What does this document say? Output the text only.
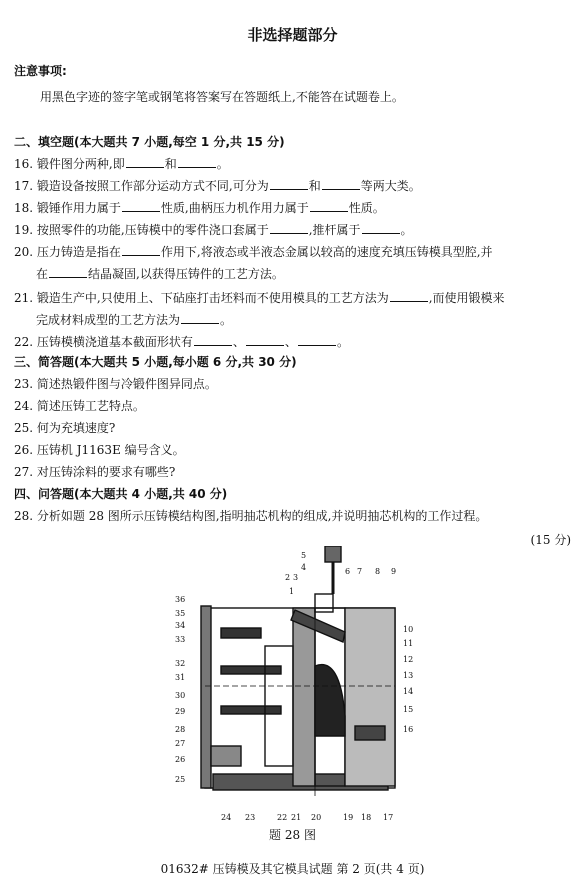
非选择题部分
注意事项:
用黑色字迹的签字笔或钢笔将答案写在答题纸上,不能答在试题卷上。
二、填空题(本大题共 7 小题,每空 1 分,共 15 分)
16. 锻件图分两种,即	和	。
17. 锻造设备按照工作部分运动方式不同,可分为	和	等两大类。
18. 锻锤作用力属于	性质,曲柄压力机作用力属于	性质。
19. 按照零件的功能,压铸模中的零件浇口套属于	,推杆属于	。
20. 压力铸造是指在	作用下,将液态或半液态金属以较高的速度充填压铸模具型腔,并
在	结晶凝固,以获得压铸件的工艺方法。
21. 锻造生产中,只使用上、下砧座打击坯料而不使用模具的工艺方法为	,而使用锻模来
完成材料成型的工艺方法为	。
22. 压铸模横浇道基本截面形状有	、	、	。
三、简答题(本大题共 5 小题,每小题 6 分,共 30 分)
23. 简述热锻件图与冷锻件图异同点。
24. 简述压铸工艺特点。
25. 何为充填速度?
26. 压铸机 J1163E 编号含义。
27. 对压铸涂料的要求有哪些?
四、问答题(本大题共 4 小题,共 40 分)
28. 分析如题 28 图所示压铸模结构图,指明抽芯机构的组成,并说明抽芯机构的工作过程。
(15 分)
36
35
34
33
32
31
30
29
28
27
26
25
10
11
12
13
14
15
16
5
4
3
2
1
6 7 8 9
24 23	22 21 20	19 18 17
题 28 图
01632# 压铸模及其它模具试题 第 2 页(共 4 页)
